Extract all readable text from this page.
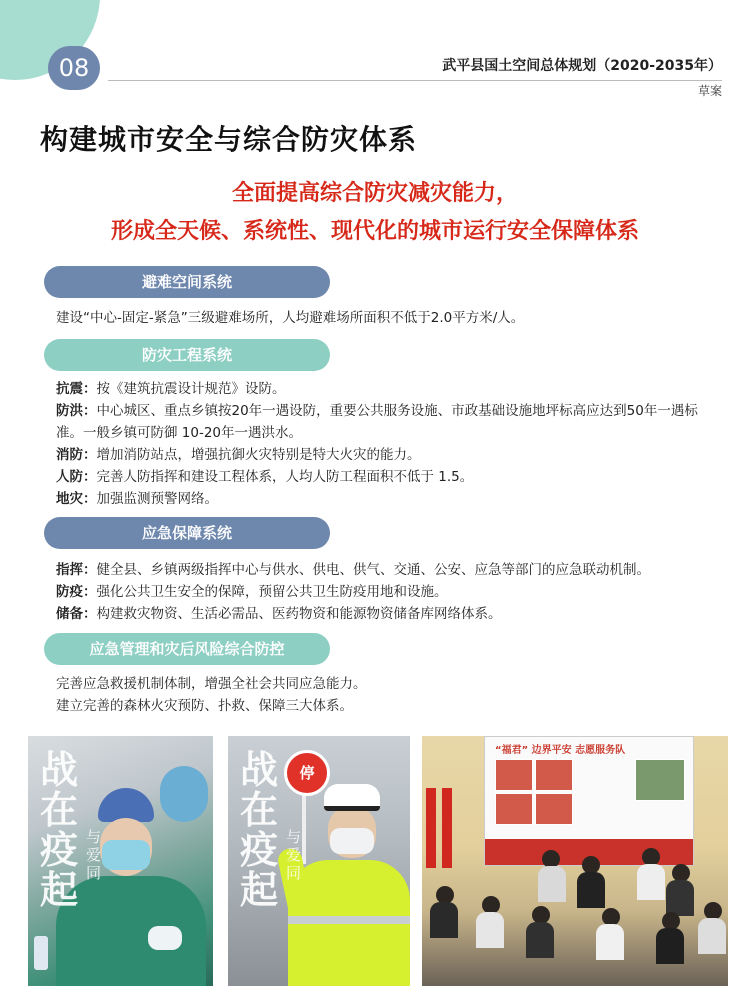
08	武平县国土空间总体规划（2020-2035年）
草案
构建城市安全与综合防灾体系
全面提高综合防灾减灾能力，
形成全天候、系统性、现代化的城市运行安全保障体系
避难空间系统

建设“中心-固定-紧急”三级避难场所，人均避难场所面积不低于2.0平方米/人。

防灾工程系统

抗震：按《建筑抗震设计规范》设防。

防洪：中心城区、重点乡镇按20年一遇设防，重要公共服务设施、市政基础设施地坪标高应达到50年一遇标准。一般乡镇可防御 10-20年一遇洪水。

消防：增加消防站点，增强抗御火灾特别是特大火灾的能力。

人防：完善人防指挥和建设工程体系，人均人防工程面积不低于 1.5。

地灾：加强监测预警网络。

应急保障系统

指挥：健全县、乡镇两级指挥中心与供水、供电、供气、交通、公安、应急等部门的应急联动机制。

防疫：强化公共卫生安全的保障，预留公共卫生防疫用地和设施。

储备：构建救灾物资、生活必需品、医药物资和能源物资储备库网络体系。

应急管理和灾后风险综合防控

完善应急救援机制体制，增强全社会共同应急能力。

建立完善的森林火灾预防、扑救、保障三大体系。

战在疫起
与爱同
停
战在疫起
与爱同
“福君” 边界平安 志愿服务队
